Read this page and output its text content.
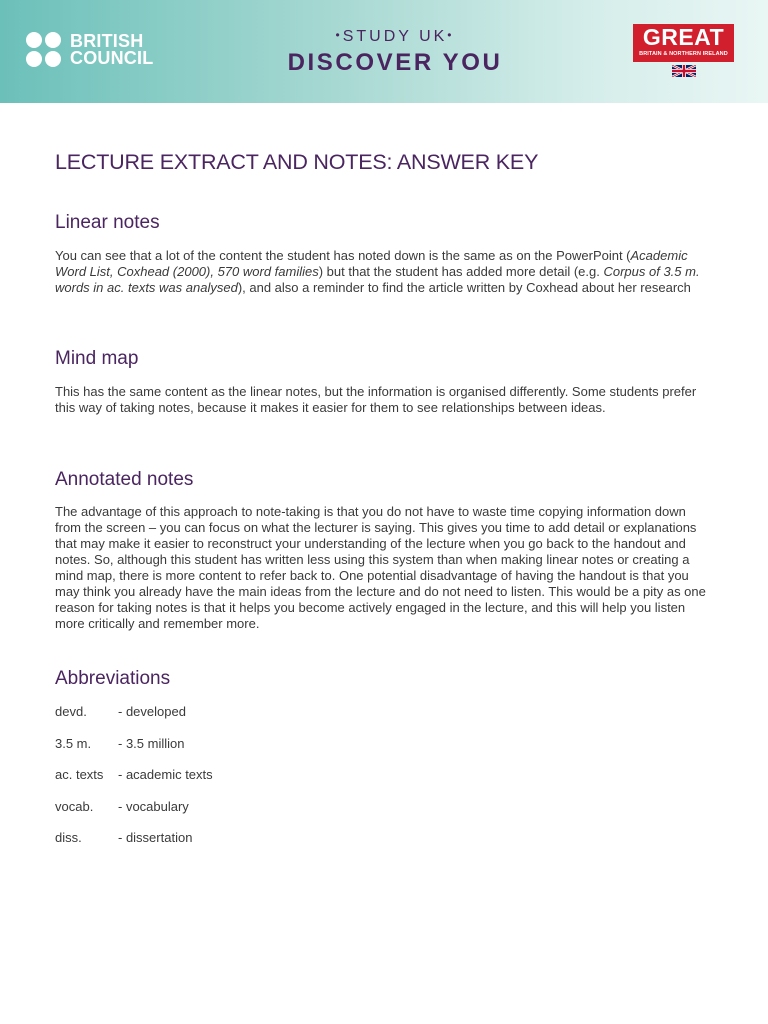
BRITISH
COUNCIL
•STUDY UK•
DISCOVER YOU
GREAT
BRITAIN & NORTHERN IRELAND
LECTURE EXTRACT AND NOTES: ANSWER KEY
Linear notes

You can see that a lot of the content the student has noted down is the same as on the PowerPoint (Academic Word List, Coxhead (2000), 570 word families) but that the student has added more detail (e.g. Corpus of 3.5 m. words in ac. texts was analysed), and also a reminder to find the article written by Coxhead about her research

Mind map

This has the same content as the linear notes, but the information is organised differently. Some students prefer this way of taking notes, because it makes it easier for them to see relationships between ideas.

Annotated notes

The advantage of this approach to note-taking is that you do not have to waste time copying information down from the screen – you can focus on what the lecturer is saying. This gives you time to add detail or explanations that may make it easier to reconstruct your understanding of the lecture when you go back to the handout and notes. So, although this student has written less using this system than when making linear notes or creating a mind map, there is more content to refer back to. One potential disadvantage of having the handout is that you may think you already have the main ideas from the lecture and do not need to listen. This would be a pity as one reason for taking notes is that it helps you become actively engaged in the lecture, and this will help you listen more critically and remember more.

Abbreviations
devd. - developed
3.5 m. - 3.5 million
ac. texts - academic texts
vocab. - vocabulary
diss.	- dissertation
